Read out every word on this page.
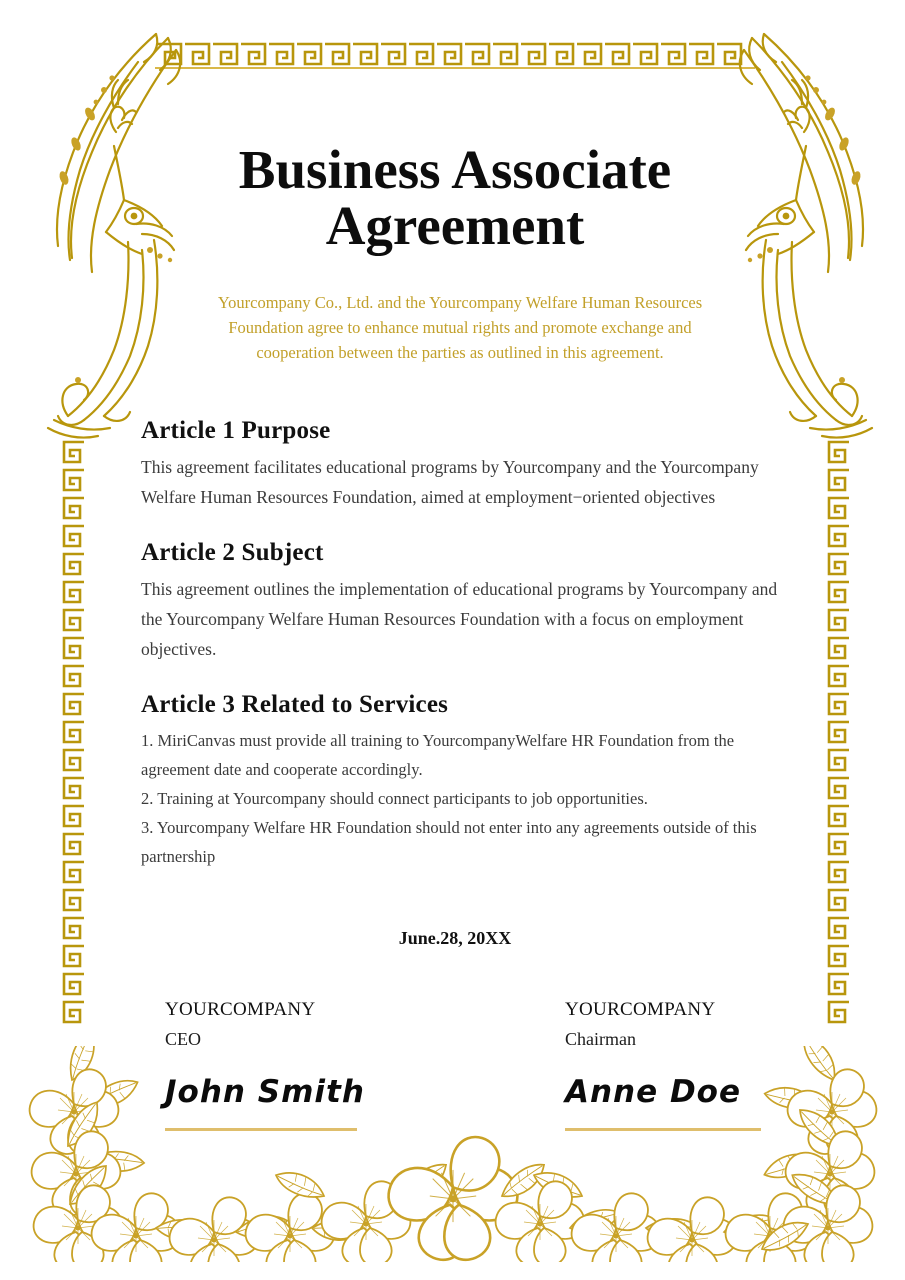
Business Associate Agreement
Yourcompany Co., Ltd. and the Yourcompany Welfare Human Resources Foundation agree to enhance mutual rights and promote exchange and cooperation between the parties as outlined in this agreement.
Article 1 Purpose

This agreement facilitates educational programs by Yourcompany and the Yourcompany Welfare Human Resources Foundation, aimed at employment−oriented objectives

Article 2 Subject

This agreement outlines the implementation of educational programs by Yourcompany and the Yourcompany Welfare Human Resources Foundation with a focus on employment objectives.

Article 3 Related to Services

1. MiriCanvas must provide all training to YourcompanyWelfare HR Foundation from the agreement date and cooperate accordingly.

2. Training at Yourcompany should connect participants to job opportunities.

3. Yourcompany Welfare HR Foundation should not enter into any agreements outside of this partnership

June.28, 20XX
YOURCOMPANY
CEO
John Smith
YOURCOMPANY
Chairman
Anne Doe
